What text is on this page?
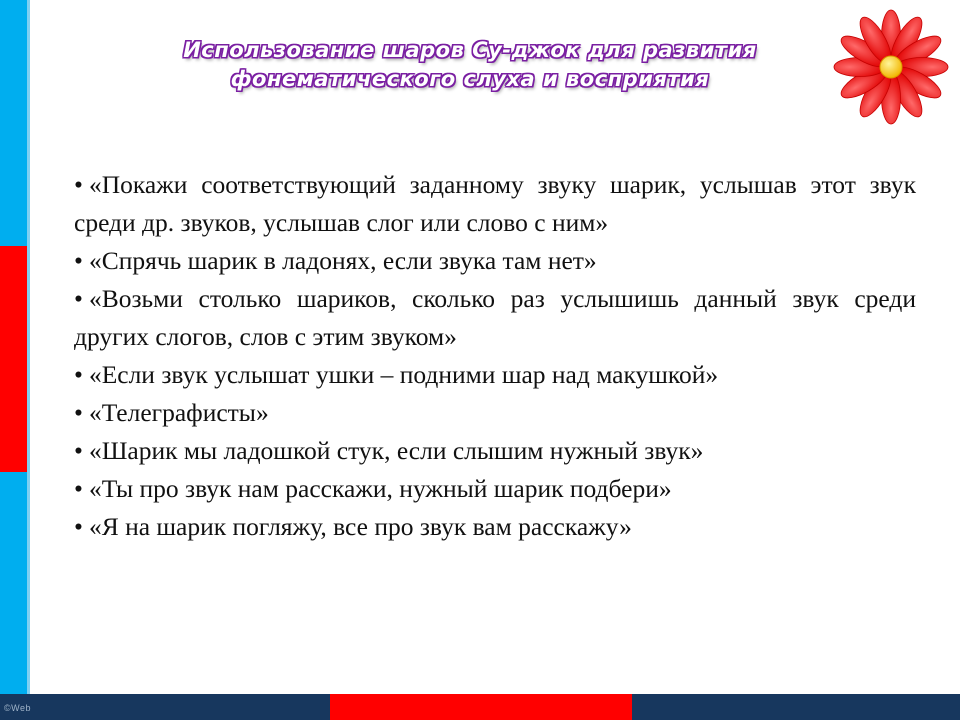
©Web
Использование шаров Су-джок для развития
фонематического слуха и восприятия

• «Покажи соответствующий заданному звуку шарик, услышав этот звук среди др. звуков, услышав слог или слово с ним»

• «Спрячь шарик в ладонях, если звука там нет»

• «Возьми столько шариков, сколько раз услышишь данный звук среди других слогов, слов с этим звуком»

• «Если звук услышат ушки – подними шар над макушкой»

• «Телеграфисты»

• «Шарик мы ладошкой стук, если слышим нужный звук»

• «Ты про звук нам расскажи, нужный шарик подбери»

• «Я на шарик погляжу, все про звук вам расскажу»
